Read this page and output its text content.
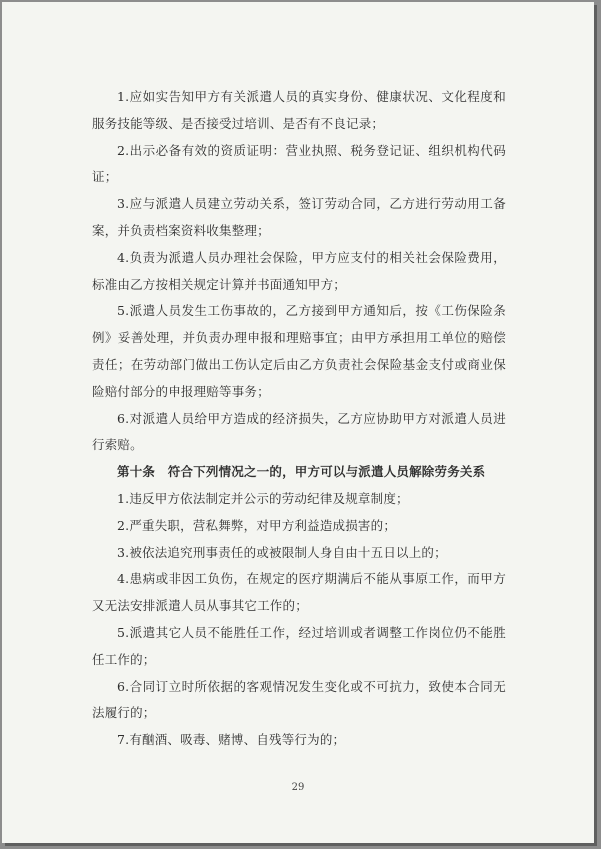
1.应如实告知甲方有关派遣人员的真实身份、健康状况、文化程度和服务技能等级、是否接受过培训、是否有不良记录；

2.出示必备有效的资质证明：营业执照、税务登记证、组织机构代码证；

3.应与派遣人员建立劳动关系，签订劳动合同，乙方进行劳动用工备案，并负责档案资料收集整理；

4.负责为派遣人员办理社会保险，甲方应支付的相关社会保险费用，标准由乙方按相关规定计算并书面通知甲方；

5.派遣人员发生工伤事故的，乙方接到甲方通知后，按《工伤保险条例》妥善处理，并负责办理申报和理赔事宜；由甲方承担用工单位的赔偿责任；在劳动部门做出工伤认定后由乙方负责社会保险基金支付或商业保险赔付部分的申报理赔等事务；

6.对派遣人员给甲方造成的经济损失，乙方应协助甲方对派遣人员进行索赔。

第十条　符合下列情况之一的，甲方可以与派遣人员解除劳务关系

1.违反甲方依法制定并公示的劳动纪律及规章制度；

2.严重失职，营私舞弊，对甲方利益造成损害的；

3.被依法追究刑事责任的或被限制人身自由十五日以上的；

4.患病或非因工负伤，在规定的医疗期满后不能从事原工作，而甲方又无法安排派遣人员从事其它工作的；

5.派遣其它人员不能胜任工作，经过培训或者调整工作岗位仍不能胜任工作的；

6.合同订立时所依据的客观情况发生变化或不可抗力，致使本合同无法履行的；

7.有酗酒、吸毒、赌博、自残等行为的；

29
